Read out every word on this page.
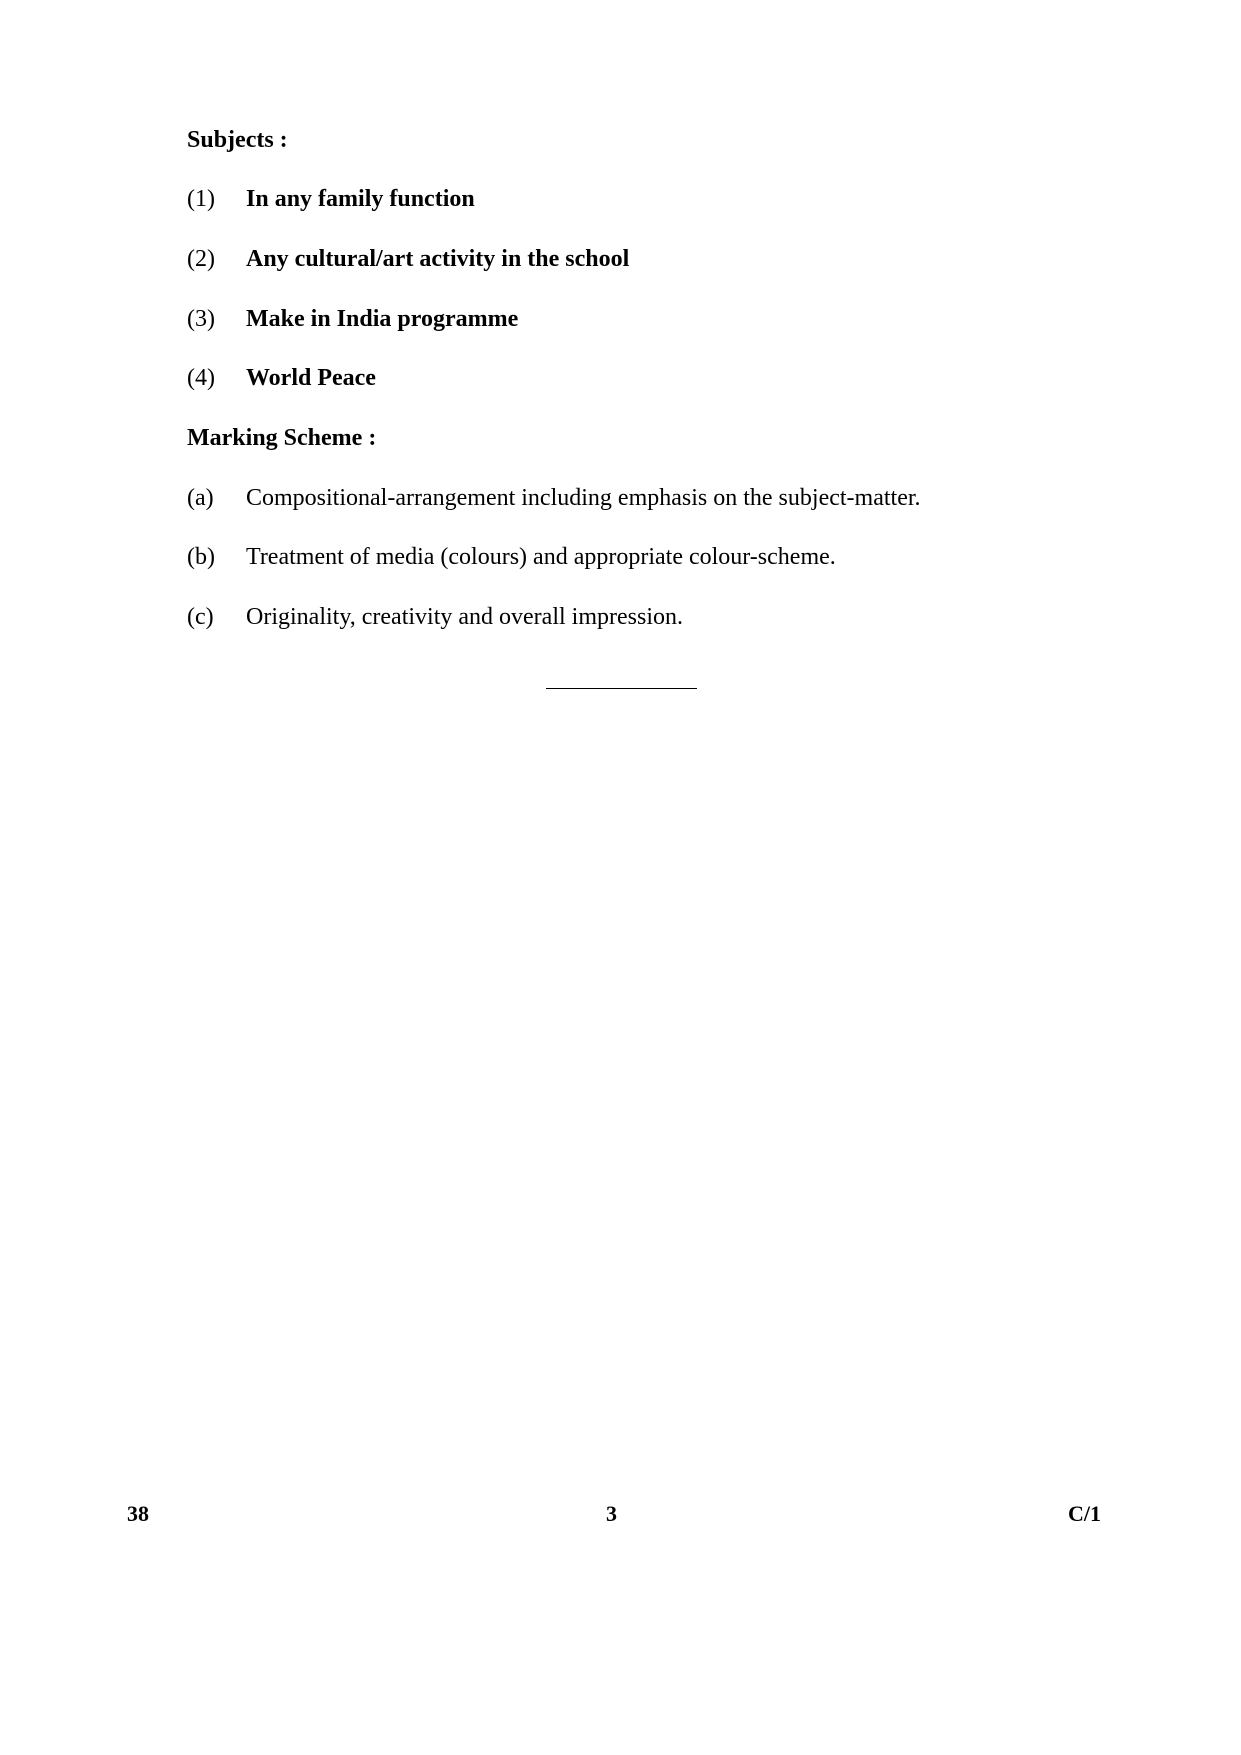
Subjects :
(1) In any family function
(2) Any cultural/art activity in the school
(3) Make in India programme
(4) World Peace
Marking Scheme :
(a) Compositional-arrangement including emphasis on the subject-matter.
(b) Treatment of media (colours) and appropriate colour-scheme.
(c) Originality, creativity and overall impression.
38	3	C/1
